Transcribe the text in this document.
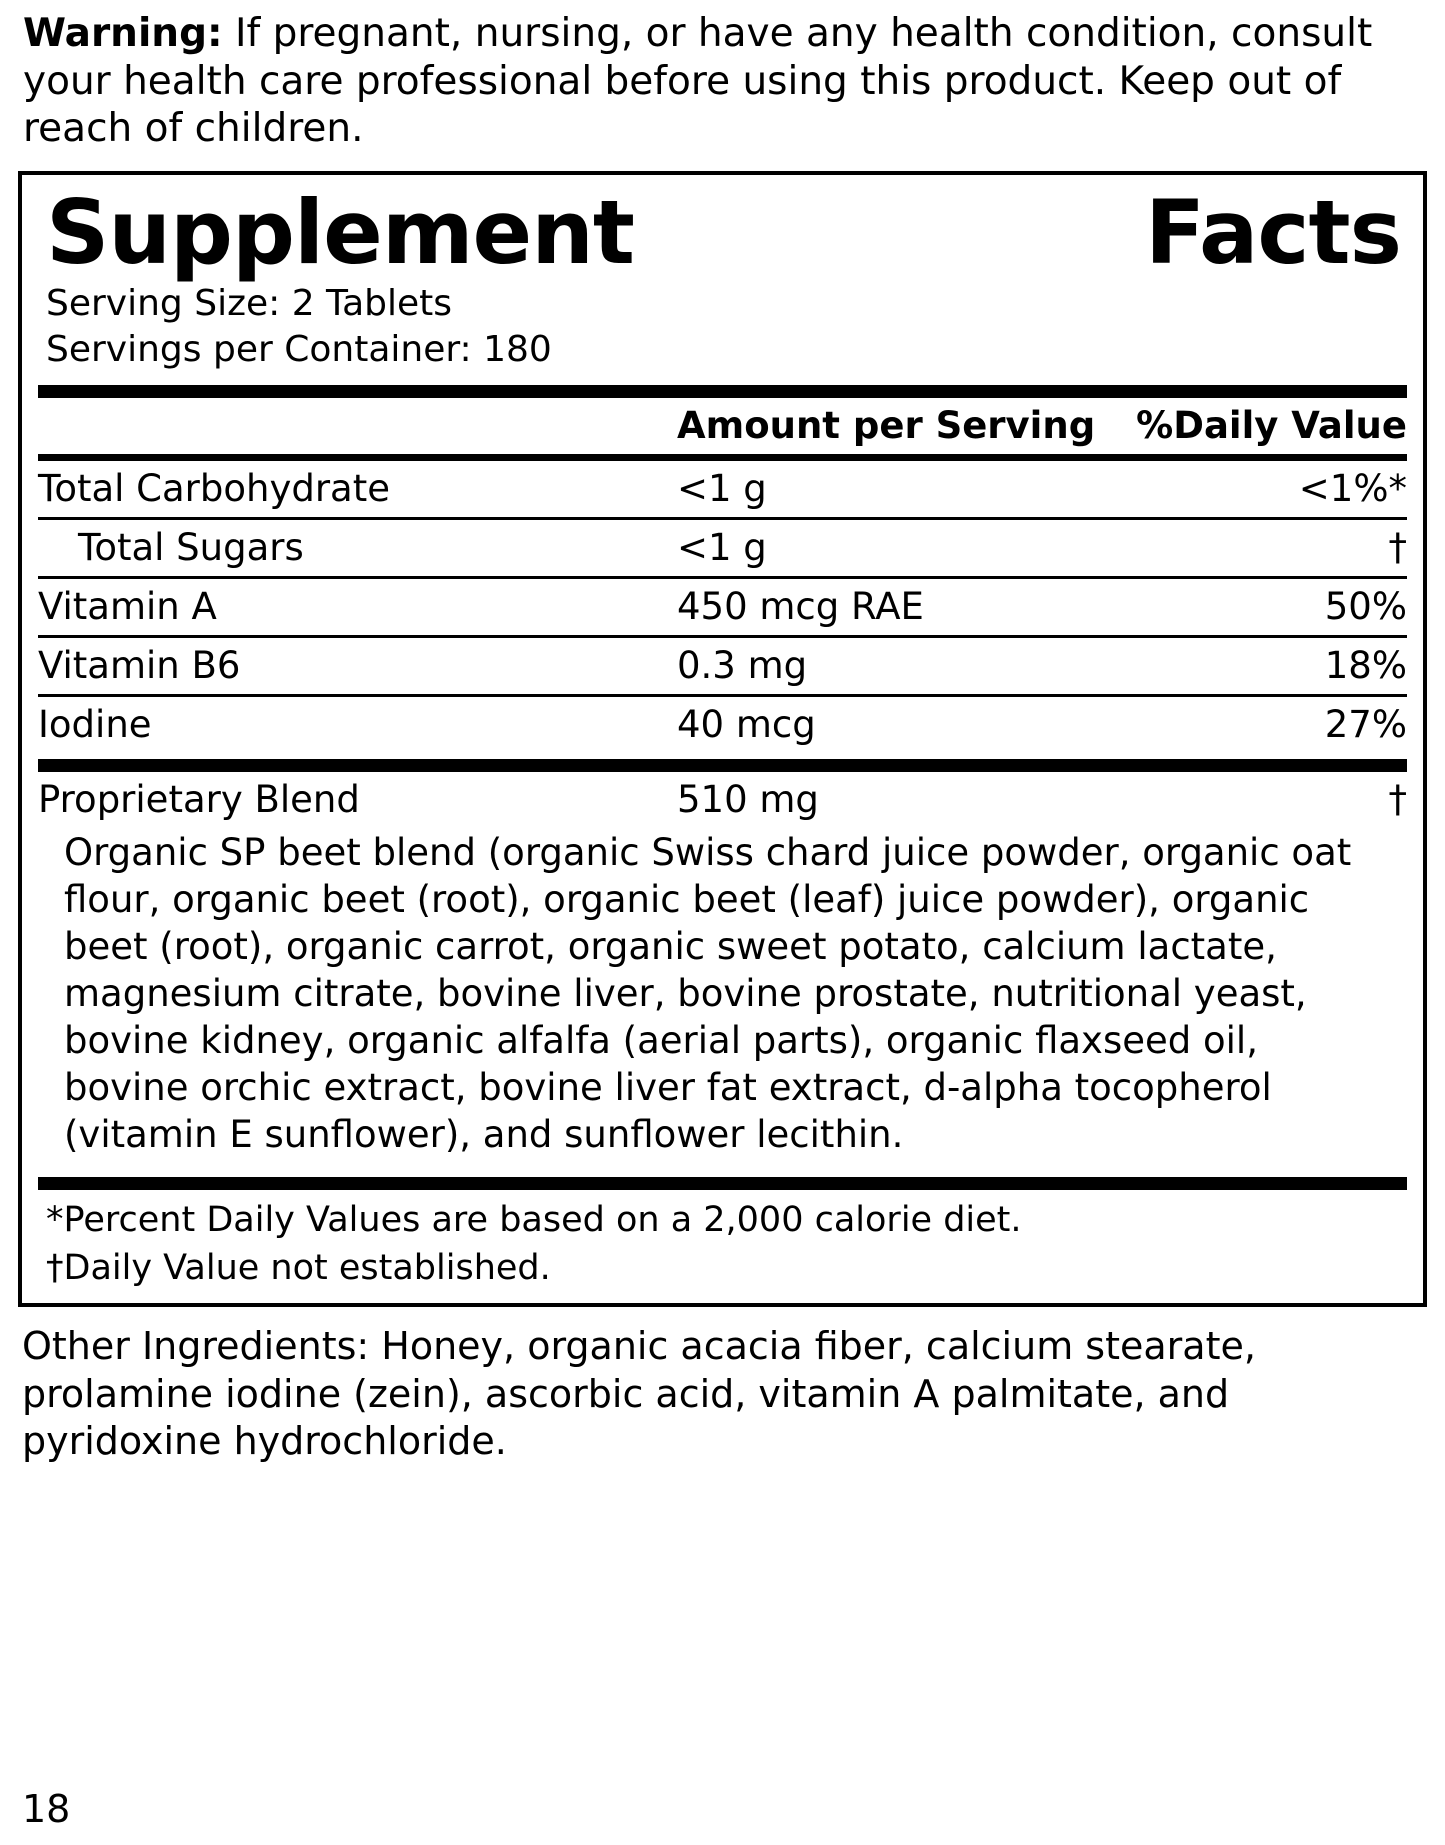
Warning: If pregnant, nursing, or have any health condition, consult your health care professional before using this product. Keep out of reach of children.
Supplement	Facts
Serving Size: 2 Tablets
Servings per Container: 180
	Amount per Serving	%Daily Value
Total Carbohydrate	<1 g	<1%*
Total Sugars	<1 g	†
Vitamin A	450 mcg RAE	50%
Vitamin B6	0.3 mg	18%
Iodine	40 mcg	27%
Proprietary Blend	510 mg	†
Organic SP beet blend (organic Swiss chard juice powder, organic oat flour, organic beet (root), organic beet (leaf) juice powder), organic beet (root), organic carrot, organic sweet potato, calcium lactate, magnesium citrate, bovine liver, bovine prostate, nutritional yeast, bovine kidney, organic alfalfa (aerial parts), organic flaxseed oil, bovine orchic extract, bovine liver fat extract, d-alpha tocopherol (vitamin E sunflower), and sunflower lecithin.
*Percent Daily Values are based on a 2,000 calorie diet.
†Daily Value not established.
Other Ingredients: Honey, organic acacia fiber, calcium stearate, prolamine iodine (zein), ascorbic acid, vitamin A palmitate, and pyridoxine hydrochloride.
18
